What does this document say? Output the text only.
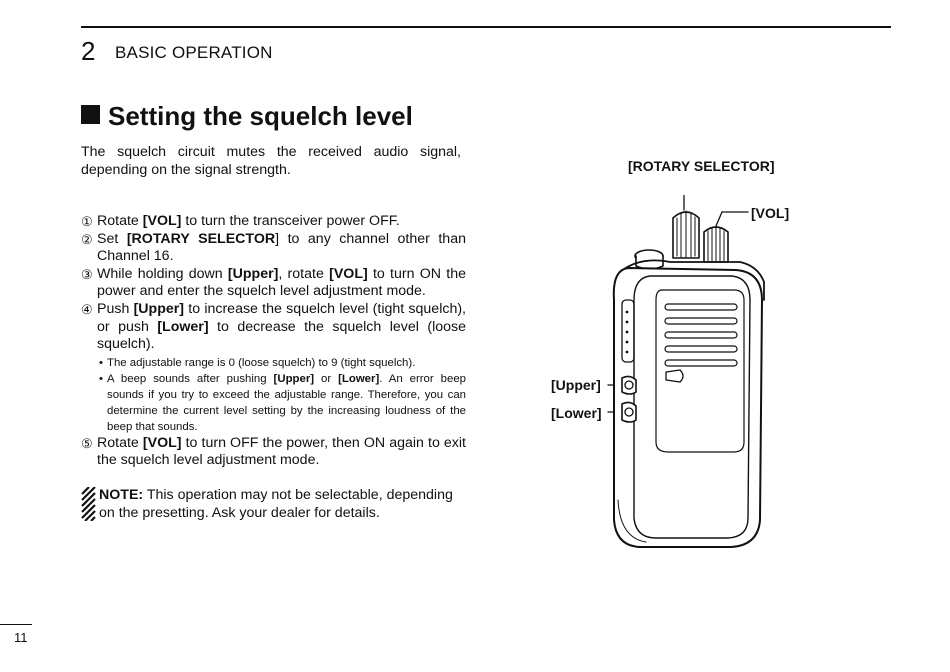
2 BASIC OPERATION
Setting the squelch level
The squelch circuit mutes the received audio signal, depending on the signal strength.
① Rotate [VOL] to turn the transceiver power OFF.
② Set [ROTARY SELECTOR] to any channel other than Channel 16.
③ While holding down [Upper], rotate [VOL] to turn ON the power and enter the squelch level adjustment mode.
④ Push [Upper] to increase the squelch level (tight squelch), or push [Lower] to decrease the squelch level (loose squelch).
• The adjustable range is 0 (loose squelch) to 9 (tight squelch).
• A beep sounds after pushing [Upper] or [Lower]. An error beep sounds if you try to exceed the adjustable range. Therefore, you can determine the current level setting by the increasing loudness of the beep that sounds.
⑤ Rotate [VOL] to turn OFF the power, then ON again to exit the squelch level adjustment mode.
NOTE: This operation may not be selectable, depending on the presetting. Ask your dealer for details.
[ROTARY SELECTOR]
[VOL]
[Upper]
[Lower]
11
